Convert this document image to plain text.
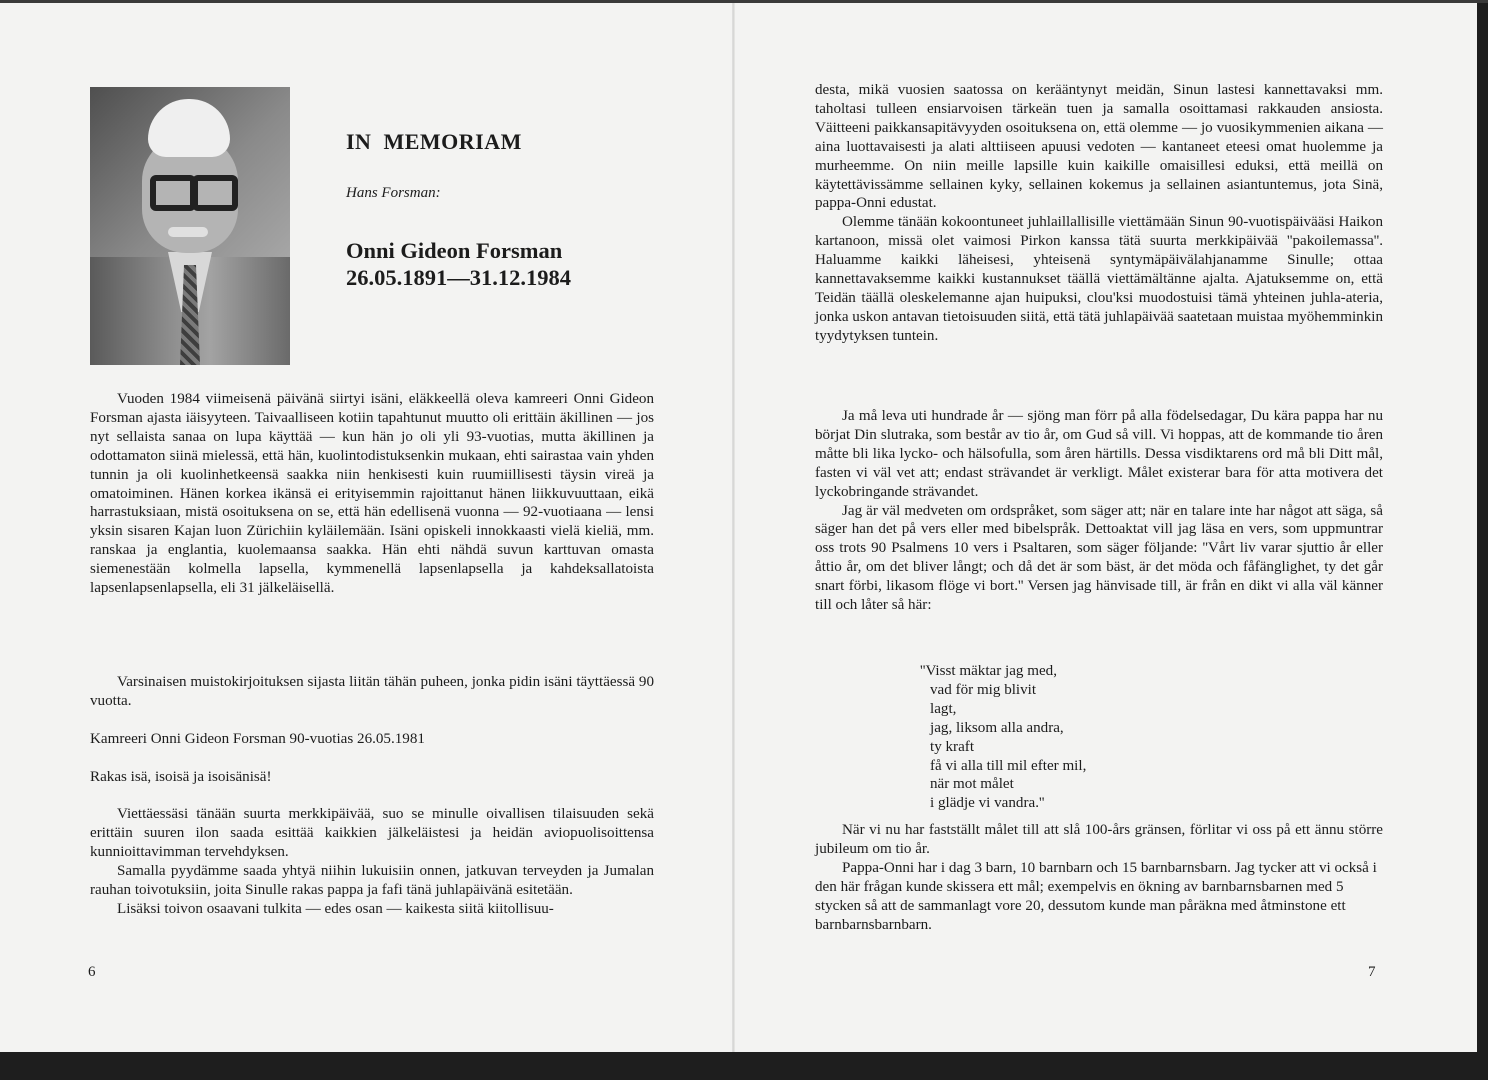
IN  MEMORIAM
Hans Forsman:
Onni Gideon Forsman
26.05.1891—31.12.1984

Vuoden 1984 viimeisenä päivänä siirtyi isäni, eläkkeellä oleva kamreeri Onni Gideon Forsman ajasta iäisyyteen. Taivaalliseen kotiin tapahtunut muutto oli erittäin äkillinen — jos nyt sellaista sanaa on lupa käyttää — kun hän jo oli yli 93-vuotias, mutta äkillinen ja odottamaton siinä mielessä, että hän, kuolintodistuksenkin mukaan, ehti sairastaa vain yhden tunnin ja oli kuolinhetkeensä saakka niin henkisesti kuin ruumiillisesti täysin vireä ja omatoiminen. Hänen korkea ikänsä ei erityisemmin rajoittanut hänen liikkuvuuttaan, eikä harrastuksiaan, mistä osoituksena on se, että hän edellisenä vuonna — 92-vuotiaana — lensi yksin sisaren Kajan luon Zürichiin kyläilemään. Isäni opiskeli innokkaasti vielä kieliä, mm. ranskaa ja englantia, kuolemaansa saakka. Hän ehti nähdä suvun karttuvan omasta siemenestään kolmella lapsella, kymmenellä lapsenlapsella ja kahdeksallatoista lapsenlapsenlapsella, eli 31 jälkeläisellä.

Varsinaisen muistokirjoituksen sijasta liitän tähän puheen, jonka pidin isäni täyttäessä 90 vuotta.

Kamreeri Onni Gideon Forsman 90-vuotias 26.05.1981

Rakas isä, isoisä ja isoisänisä!

Viettäessäsi tänään suurta merkkipäivää, suo se minulle oivallisen tilaisuuden sekä erittäin suuren ilon saada esittää kaikkien jälkeläistesi ja heidän aviopuolisoittensa kunnioittavimman tervehdyksen.

Samalla pyydämme saada yhtyä niihin lukuisiin onnen, jatkuvan terveyden ja Jumalan rauhan toivotuksiin, joita Sinulle rakas pappa ja fafi tänä juhlapäivänä esitetään.

Lisäksi toivon osaavani tulkita — edes osan — kaikesta siitä kiitollisuu-

6

desta, mikä vuosien saatossa on kerääntynyt meidän, Sinun lastesi kannettavaksi mm. taholtasi tulleen ensiarvoisen tärkeän tuen ja samalla osoittamasi rakkauden ansiosta. Väitteeni paikkansapitävyyden osoituksena on, että olemme — jo vuosikymmenien aikana — aina luottavaisesti ja alati alttiiseen apuusi vedoten — kantaneet eteesi omat huolemme ja murheemme. On niin meille lapsille kuin kaikille omaisillesi eduksi, että meillä on käytettävissämme sellainen kyky, sellainen kokemus ja sellainen asiantuntemus, jota Sinä, pappa-Onni edustat.

Olemme tänään kokoontuneet juhlaillallisille viettämään Sinun 90-vuotispäivääsi Haikon kartanoon, missä olet vaimosi Pirkon kanssa tätä suurta merkkipäivää ''pakoilemassa''. Haluamme kaikki läheisesi, yhteisenä syntymäpäivälahjanamme Sinulle; ottaa kannettavaksemme kaikki kustannukset täällä viettämältänne ajalta. Ajatuksemme on, että Teidän täällä oleskelemanne ajan huipuksi, clou'ksi muodostuisi tämä yhteinen juhla-ateria, jonka uskon antavan tietoisuuden siitä, että tätä juhlapäivää saatetaan muistaa myöhemminkin tyydytyksen tuntein.

Ja må leva uti hundrade år — sjöng man förr på alla födelsedagar, Du kära pappa har nu börjat Din slutraka, som består av tio år, om Gud så vill. Vi hoppas, att de kommande tio åren måtte bli lika lycko- och hälsofulla, som åren härtills. Dessa visdiktarens ord må bli Ditt mål, fasten vi väl vet att; endast strävandet är verkligt. Målet existerar bara för atta motivera det lyckobringande strävandet.

Jag är väl medveten om ordspråket, som säger att; när en talare inte har något att säga, så säger han det på vers eller med bibelspråk. Dettoaktat vill jag läsa en vers, som uppmuntrar oss trots 90 Psalmens 10 vers i Psaltaren, som säger följande: ''Vårt liv varar sjuttio år eller åttio år, om det bliver långt; och då det är som bäst, är det möda och fåfänglighet, ty det går snart förbi, likasom flöge vi bort.'' Versen jag hänvisade till, är från en dikt vi alla väl känner till och låter så här:

''Visst mäktar jag med,
vad för mig blivit
lagt,
jag, liksom alla andra,
ty kraft
få vi alla till mil efter mil,
när mot målet
i glädje vi vandra.''

När vi nu har fastställt målet till att slå 100-års gränsen, förlitar vi oss på ett ännu större jubileum om tio år.

Pappa-Onni har i dag 3 barn, 10 barnbarn och 15 barnbarnsbarn. Jag tycker att vi också i den här frågan kunde skissera ett mål; exempelvis en ökning av barnbarnsbarnen med 5 stycken så att de sammanlagt vore 20, dessutom kunde man påräkna med åtminstone ett barnbarnsbarnbarn.

7
